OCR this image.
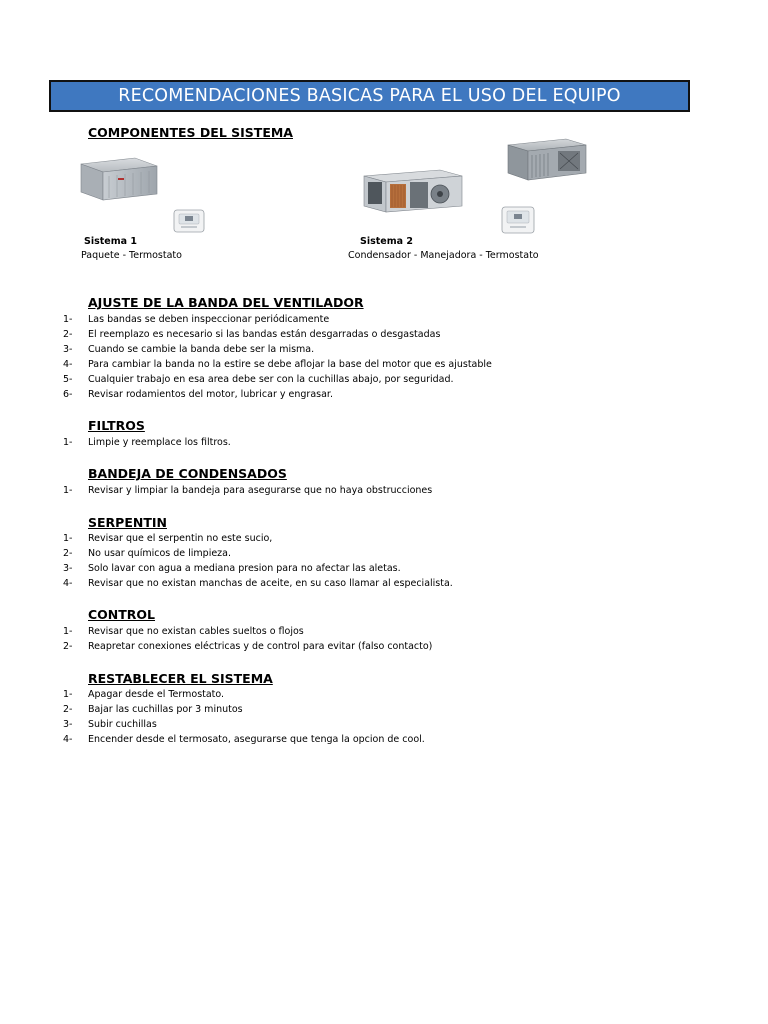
RECOMENDACIONES BASICAS PARA EL USO DEL EQUIPO
COMPONENTES DEL SISTEMA
Sistema 1
Paquete - Termostato
Sistema 2
Condensador - Manejadora - Termostato
AJUSTE DE LA BANDA DEL VENTILADOR
1- Las bandas se deben inspeccionar periódicamente
2- El reemplazo es necesario si las bandas están desgarradas o desgastadas
3- Cuando se cambie la banda debe ser la misma.
4- Para cambiar la banda no la estire se debe aflojar la base del motor que es ajustable
5- Cualquier trabajo en esa area debe ser con la cuchillas abajo, por seguridad.
6- Revisar rodamientos del motor, lubricar y engrasar.
FILTROS
1- Limpie y reemplace los filtros.
BANDEJA DE CONDENSADOS
1- Revisar y limpiar la bandeja para asegurarse que no haya obstrucciones
SERPENTIN
1- Revisar que el serpentin no este sucio,
2- No usar químicos de limpieza.
3- Solo lavar con agua a mediana presion para no afectar las aletas.
4- Revisar que no existan manchas de aceite, en su caso llamar al especialista.
CONTROL
1- Revisar que no existan cables sueltos o flojos
2- Reapretar conexiones eléctricas y de control para evitar (falso contacto)
RESTABLECER EL SISTEMA
1- Apagar desde el Termostato.
2- Bajar las cuchillas por 3 minutos
3- Subir cuchillas
4- Encender desde el termosato, asegurarse que tenga la opcion de cool.
